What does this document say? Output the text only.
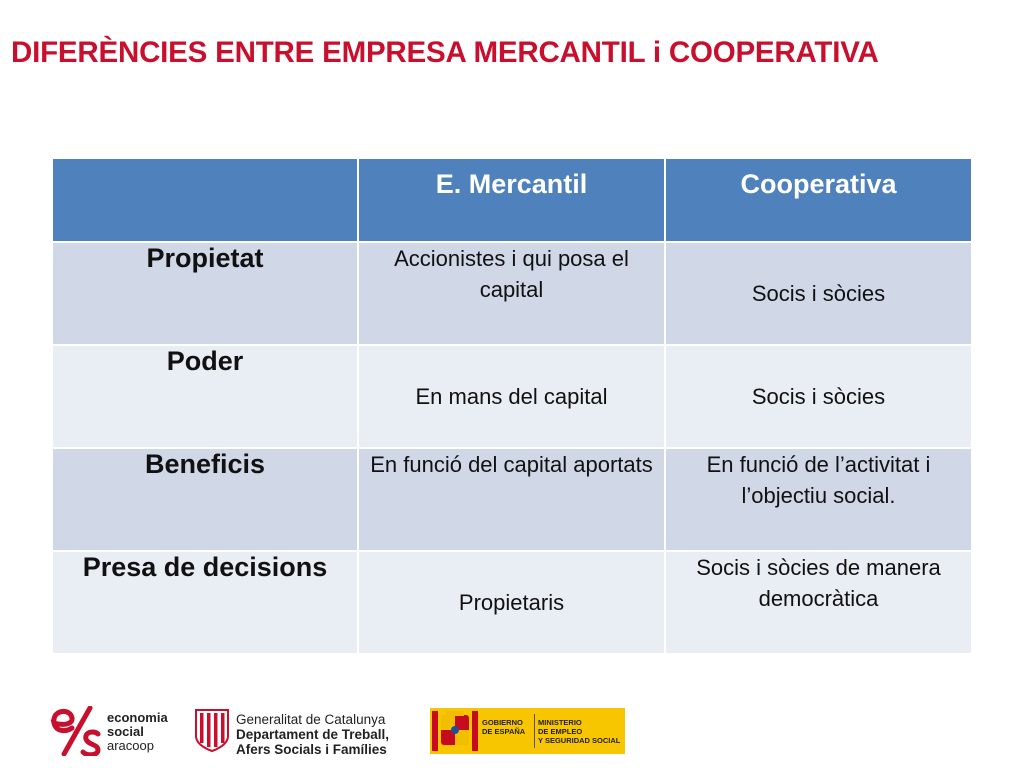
DIFERÈNCIES ENTRE EMPRESA MERCANTIL i COOPERATIVA
	E. Mercantil	Cooperativa
Propietat	Accionistes i qui posa el capital	Socis i sòcies
Poder	En mans del capital	Socis i sòcies
Beneficis	En funció del capital aportats	En funció de l’activitat i l’objectiu social.
Presa de decisions	Propietaris	Socis i sòcies de manera democràtica
economia
social
aracoop
Generalitat de Catalunya
Departament de Treball,
Afers Socials i Famílies
GOBIERNO
DE ESPAÑA
MINISTERIO
DE EMPLEO
Y SEGURIDAD SOCIAL
